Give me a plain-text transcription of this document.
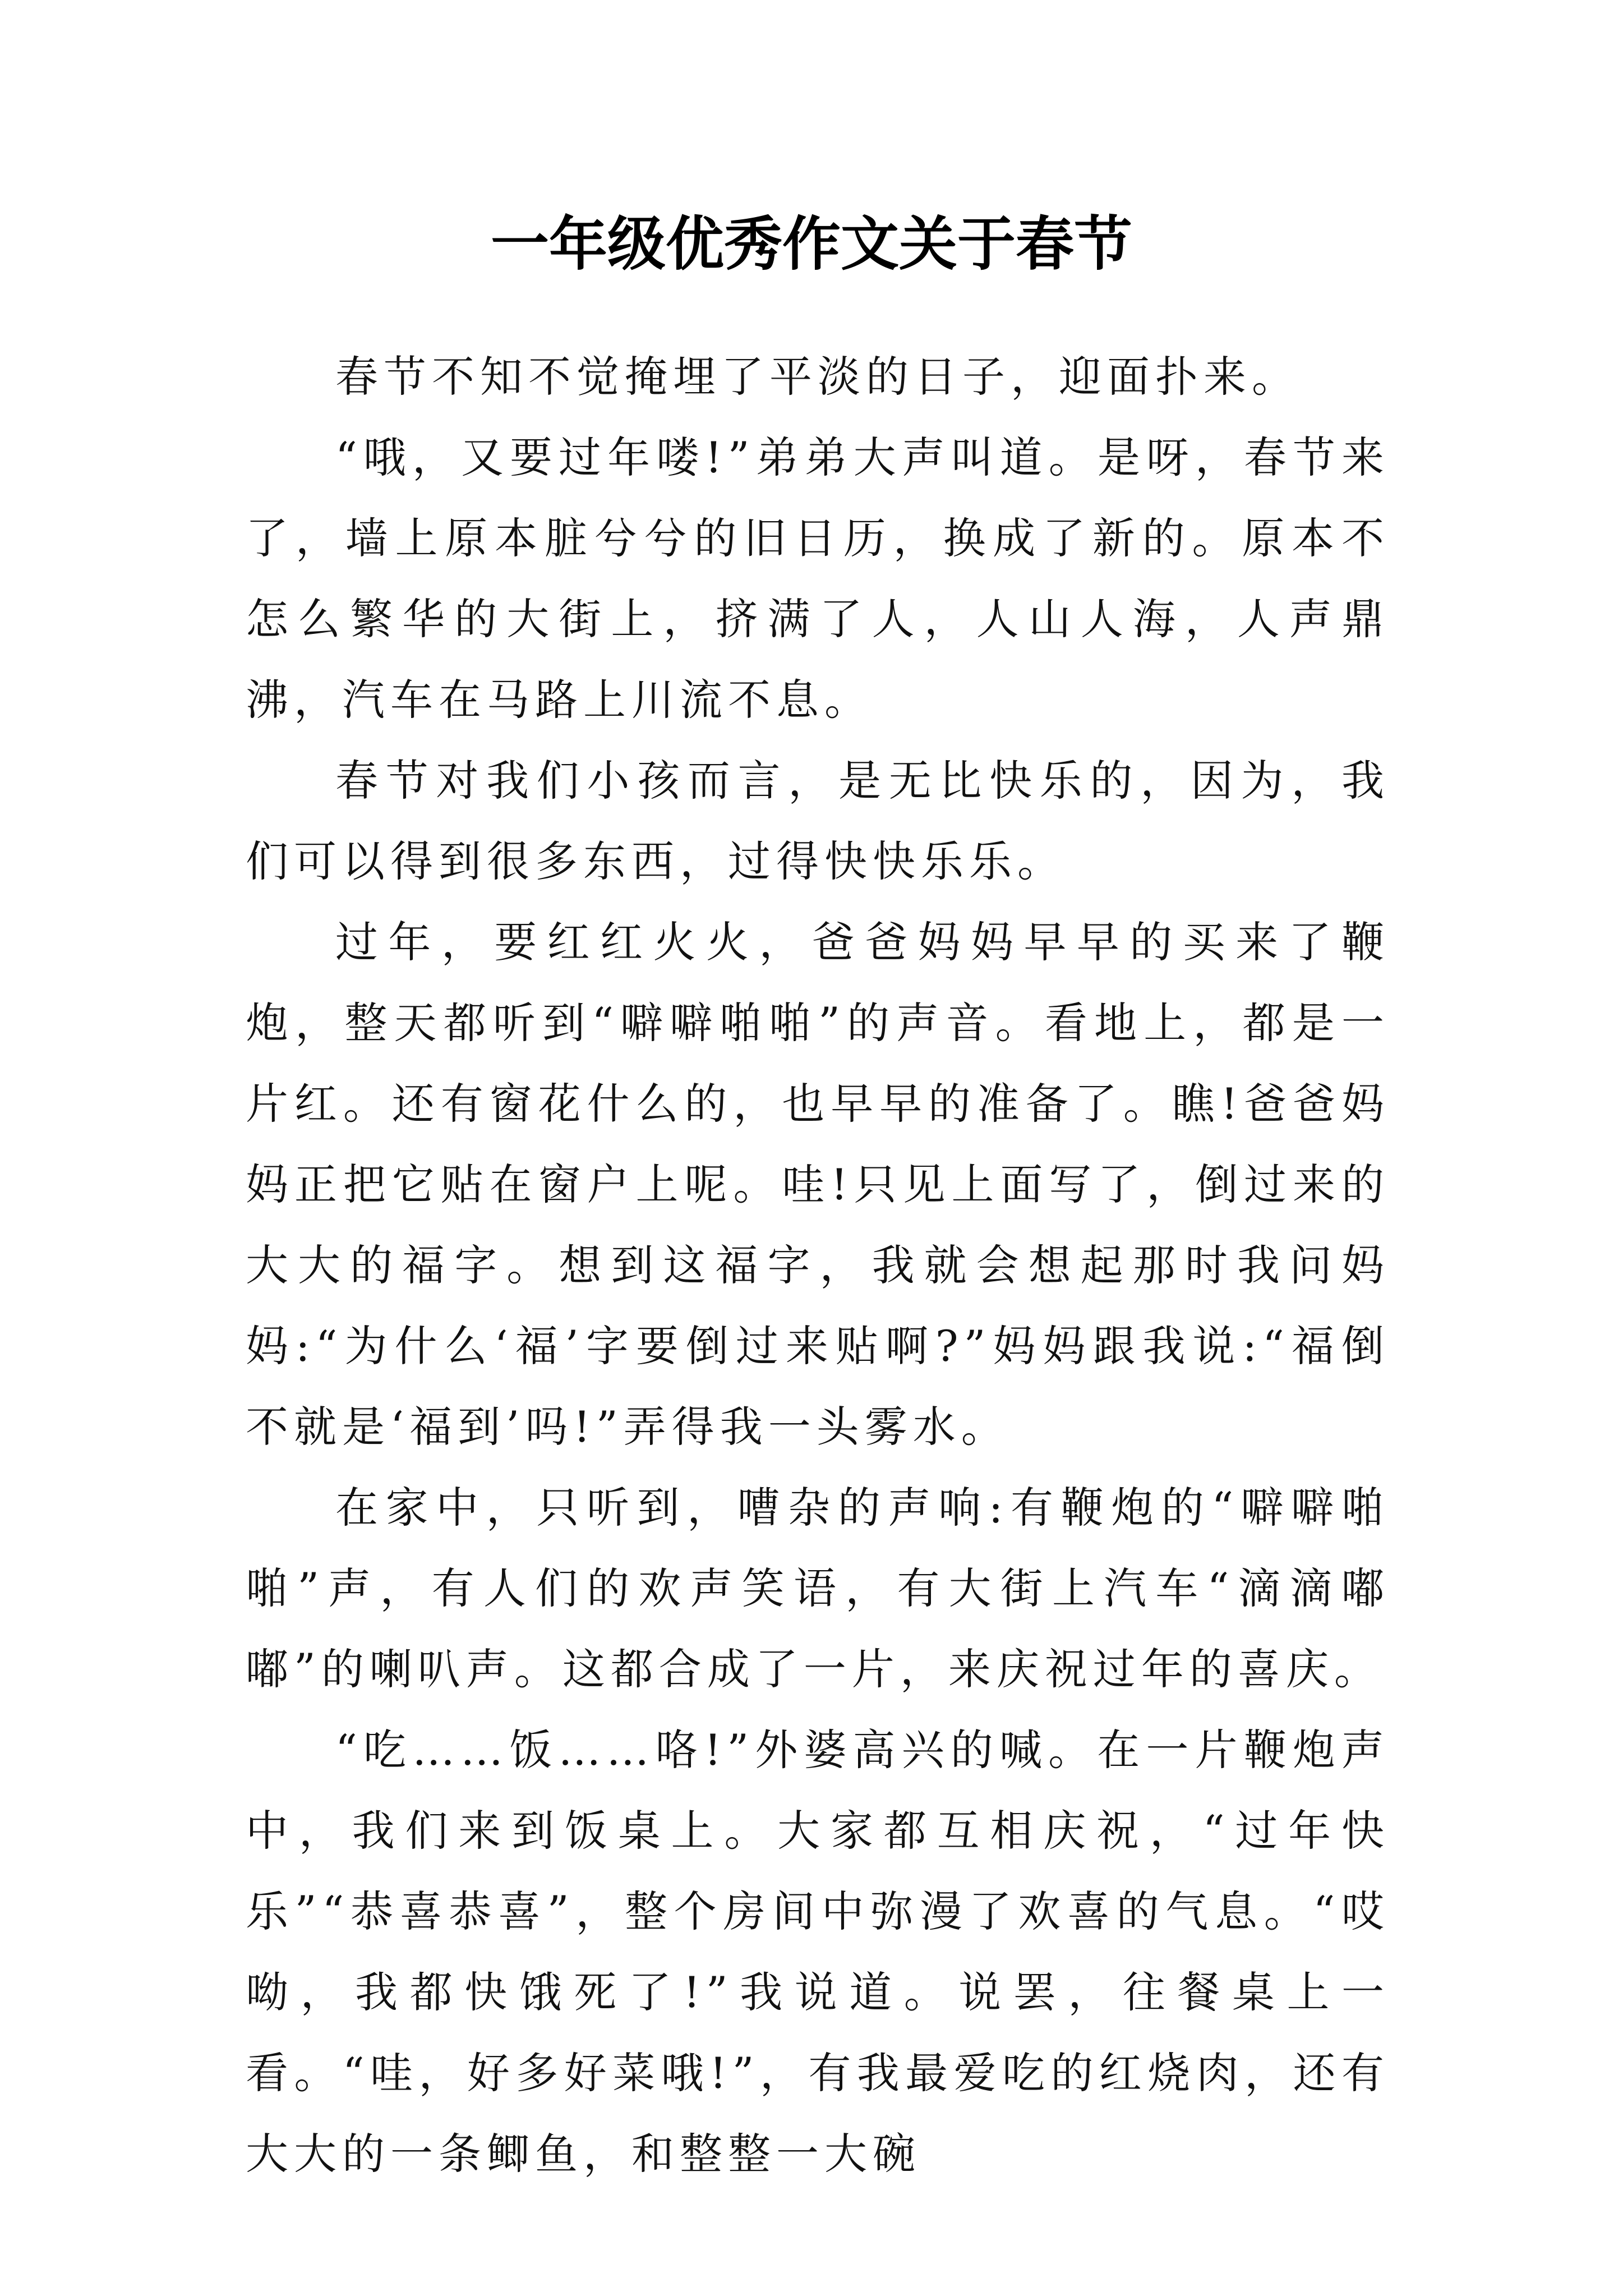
一年级优秀作文关于春节

春节不知不觉掩埋了平淡的日子，迎面扑来。

“哦，又要过年喽!”弟弟大声叫道。是呀，春节来了，墙上原本脏兮兮的旧日历，换成了新的。原本不怎么繁华的大街上，挤满了人，人山人海，人声鼎沸，汽车在马路上川流不息。

春节对我们小孩而言，是无比快乐的，因为，我们可以得到很多东西，过得快快乐乐。

过年，要红红火火，爸爸妈妈早早的买来了鞭炮，整天都听到“噼噼啪啪”的声音。看地上，都是一片红。还有窗花什么的，也早早的准备了。瞧!爸爸妈妈正把它贴在窗户上呢。哇!只见上面写了，倒过来的大大的福字。想到这福字，我就会想起那时我问妈妈:“为什么‘福’字要倒过来贴啊?”妈妈跟我说:“福倒不就是‘福到’吗!”弄得我一头雾水。

在家中，只听到，嘈杂的声响:有鞭炮的“噼噼啪啪”声，有人们的欢声笑语，有大街上汽车“滴滴嘟嘟”的喇叭声。这都合成了一片，来庆祝过年的喜庆。

“吃……饭……咯!”外婆高兴的喊。在一片鞭炮声中，我们来到饭桌上。大家都互相庆祝，“过年快乐”“恭喜恭喜”，整个房间中弥漫了欢喜的气息。“哎呦，我都快饿死了!”我说道。说罢，往餐桌上一看。“哇，好多好菜哦!”，有我最爱吃的红烧肉，还有大大的一条鲫鱼，和整整一大碗
